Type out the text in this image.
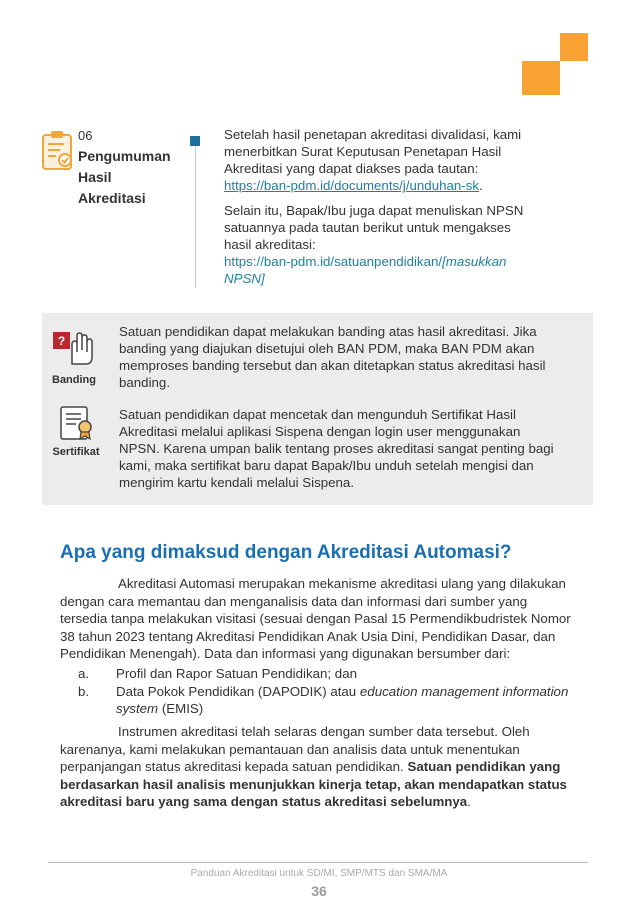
06
Pengumuman
Hasil
Akreditasi
Setelah hasil penetapan akreditasi divalidasi, kami
menerbitkan Surat Keputusan Penetapan Hasil
Akreditasi yang dapat diakses pada tautan:
https://ban-pdm.id/documents/j/unduhan-sk.
Selain itu, Bapak/Ibu juga dapat menuliskan NPSN
satuannya pada tautan berikut untuk mengakses
hasil akreditasi:
https://ban-pdm.id/satuanpendidikan/[masukkan
NPSN]
?
Banding
Satuan pendidikan dapat melakukan banding atas hasil akreditasi. Jika
banding yang diajukan disetujui oleh BAN PDM, maka BAN PDM akan
memproses banding tersebut dan akan ditetapkan status akreditasi hasil
banding.
Sertifikat
Satuan pendidikan dapat mencetak dan mengunduh Sertifikat Hasil
Akreditasi melalui aplikasi Sispena dengan login user menggunakan
NPSN. Karena umpan balik tentang proses akreditasi sangat penting bagi
kami, maka sertifikat baru dapat Bapak/Ibu unduh setelah mengisi dan
mengirim kartu kendali melalui Sispena.
Apa yang dimaksud dengan Akreditasi Automasi?
Akreditasi Automasi merupakan mekanisme akreditasi ulang yang dilakukan
dengan cara memantau dan menganalisis data dan informasi dari sumber yang
tersedia tanpa melakukan visitasi (sesuai dengan Pasal 15 Permendikbudristek Nomor
38 tahun 2023 tentang Akreditasi Pendidikan Anak Usia Dini, Pendidikan Dasar, dan
Pendidikan Menengah). Data dan informasi yang digunakan bersumber dari:
a.	Profil dan Rapor Satuan Pendidikan; dan
b.	Data Pokok Pendidikan (DAPODIK) atau education management information
system (EMIS)
Instrumen akreditasi telah selaras dengan sumber data tersebut. Oleh
karenanya, kami melakukan pemantauan dan analisis data untuk menentukan
perpanjangan status akreditasi kepada satuan pendidikan. Satuan pendidikan yang
berdasarkan hasil analisis menunjukkan kinerja tetap, akan mendapatkan status
akreditasi baru yang sama dengan status akreditasi sebelumnya.
Panduan Akreditasi untuk SD/MI, SMP/MTS dan SMA/MA
36
